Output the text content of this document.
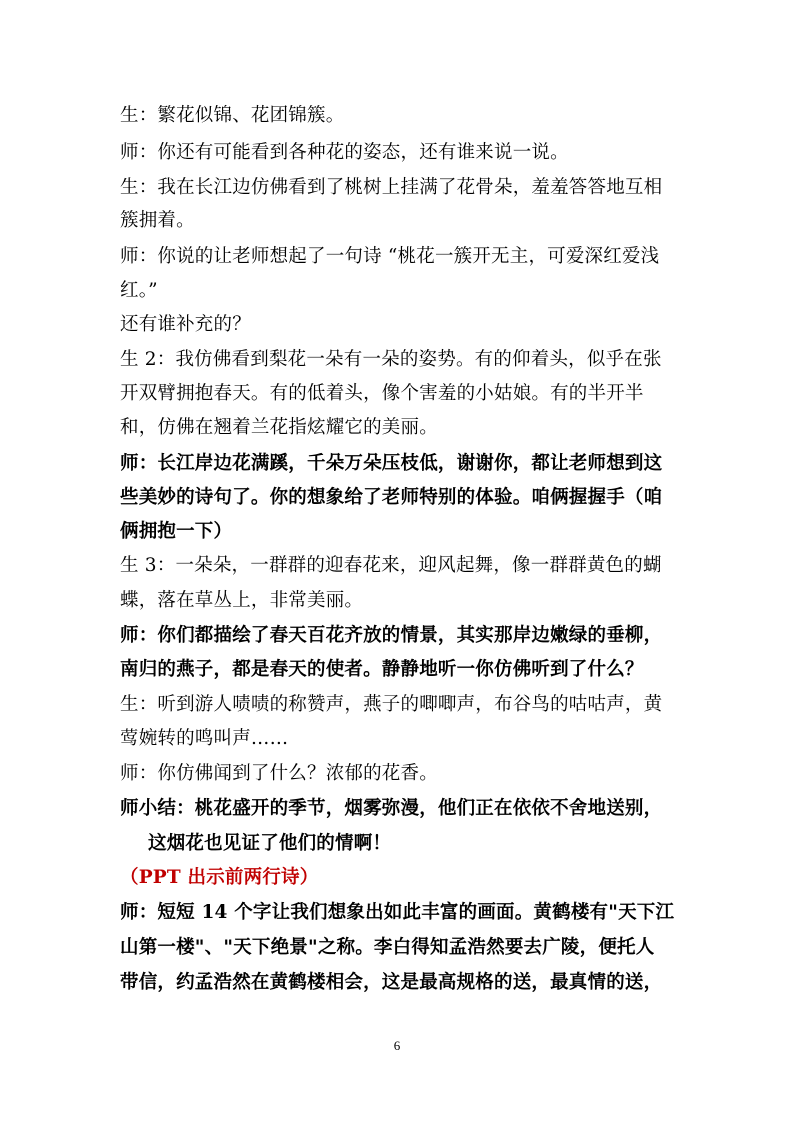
生：繁花似锦、花团锦簇。
师：你还有可能看到各种花的姿态，还有谁来说一说。
生：我在长江边仿佛看到了桃树上挂满了花骨朵，羞羞答答地互相
簇拥着。
师：你说的让老师想起了一句诗 “桃花一簇开无主，可爱深红爱浅
红。”
还有谁补充的？
生 2：我仿佛看到梨花一朵有一朵的姿势。有的仰着头，似乎在张
开双臂拥抱春天。有的低着头，像个害羞的小姑娘。有的半开半
和，仿佛在翘着兰花指炫耀它的美丽。
师：长江岸边花满蹊，千朵万朵压枝低，谢谢你，都让老师想到这
些美妙的诗句了。你的想象给了老师特别的体验。咱俩握握手（咱
俩拥抱一下）
生 3：一朵朵，一群群的迎春花来，迎风起舞，像一群群黄色的蝴
蝶，落在草丛上，非常美丽。
师：你们都描绘了春天百花齐放的情景，其实那岸边嫩绿的垂柳，
南归的燕子，都是春天的使者。静静地听一你仿佛听到了什么？
生：听到游人啧啧的称赞声，燕子的唧唧声，布谷鸟的咕咕声，黄
莺婉转的鸣叫声……
师：你仿佛闻到了什么？浓郁的花香。
师小结：桃花盛开的季节，烟雾弥漫，他们正在依依不舍地送别，
这烟花也见证了他们的情啊！
（PPT 出示前两行诗）
师：短短 14 个字让我们想象出如此丰富的画面。黄鹤楼有"天下江
山第一楼"、"天下绝景"之称。李白得知孟浩然要去广陵，便托人
带信，约孟浩然在黄鹤楼相会，这是最高规格的送，最真情的送，
6
